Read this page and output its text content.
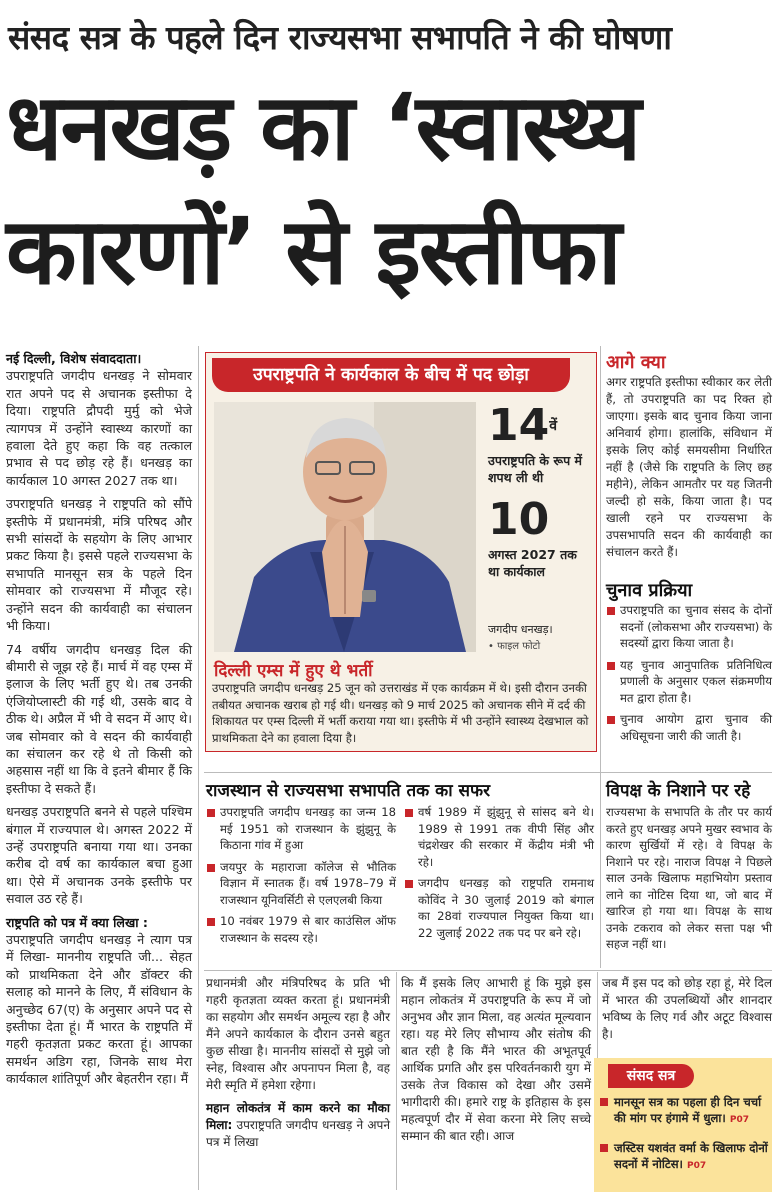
संसद सत्र के पहले दिन राज्यसभा सभापति ने की घोषणा
धनखड़ का ‘स्वास्थ्य
कारणों’ से इस्तीफा

नई दिल्ली, विशेष संवाददाता।

उपराष्ट्रपति जगदीप धनखड़ ने सोमवार रात अपने पद से अचानक इस्तीफा दे दिया। राष्ट्रपति द्रौपदी मुर्मु को भेजे त्यागपत्र में उन्होंने स्वास्थ्य कारणों का हवाला देते हुए कहा कि वह तत्काल प्रभाव से पद छोड़ रहे हैं। धनखड़ का कार्यकाल 10 अगस्त 2027 तक था।

उपराष्ट्रपति धनखड़ ने राष्ट्रपति को सौंपे इस्तीफे में प्रधानमंत्री, मंत्रि परिषद और सभी सांसदों के सहयोग के लिए आभार प्रकट किया है। इससे पहले राज्यसभा के सभापति मानसून सत्र के पहले दिन सोमवार को राज्यसभा में मौजूद रहे। उन्होंने सदन की कार्यवाही का संचालन भी किया।

74 वर्षीय जगदीप धनखड़ दिल की बीमारी से जूझ रहे हैं। मार्च में वह एम्स में इलाज के लिए भर्ती हुए थे। तब उनकी एंजियोप्लास्टी की गई थी, उसके बाद वे ठीक थे। अप्रैल में भी वे सदन में आए थे। जब सोमवार को वे सदन की कार्यवाही का संचालन कर रहे थे तो किसी को अहसास नहीं था कि वे इतने बीमार हैं कि इस्तीफा दे सकते हैं।

धनखड़ उपराष्ट्रपति बनने से पहले पश्चिम बंगाल में राज्यपाल थे। अगस्त 2022 में उन्हें उपराष्ट्रपति बनाया गया था। उनका करीब दो वर्ष का कार्यकाल बचा हुआ था। ऐसे में अचानक उनके इस्तीफे पर सवाल उठ रहे हैं।

राष्ट्रपति को पत्र में क्या लिखा :

उपराष्ट्रपति जगदीप धनखड़ ने त्याग पत्र में लिखा- माननीय राष्ट्रपति जी... सेहत को प्राथमिकता देने और डॉक्टर की सलाह को मानने के लिए, मैं संविधान के अनुच्छेद 67(ए) के अनुसार अपने पद से इस्तीफा देता हूं। मैं भारत के राष्ट्रपति में गहरी कृतज्ञता प्रकट करता हूं। आपका समर्थन अडिग रहा, जिनके साथ मेरा कार्यकाल शांतिपूर्ण और बेहतरीन रहा। मैं

उपराष्ट्रपति ने कार्यकाल के बीच में पद छोड़ा
$14^{वें}$
उपराष्ट्रपति के रूप में शपथ ली थी
10
अगस्त 2027 तक था कार्यकाल
जगदीप धनखड़।
• फाइल फोटो
दिल्ली एम्स में हुए थे भर्ती
उपराष्ट्रपति जगदीप धनखड़ 25 जून को उत्तराखंड में एक कार्यक्रम में थे। इसी दौरान उनकी तबीयत अचानक खराब हो गई थी। धनखड़ को 9 मार्च 2025 को अचानक सीने में दर्द की शिकायत पर एम्स दिल्ली में भर्ती कराया गया था। इस्तीफे में भी उन्होंने स्वास्थ्य देखभाल को प्राथमिकता देने का हवाला दिया है।
आगे क्या
अगर राष्ट्रपति इस्तीफा स्वीकार कर लेती हैं, तो उपराष्ट्रपति का पद रिक्त हो जाएगा। इसके बाद चुनाव किया जाना अनिवार्य होगा। हालांकि, संविधान में इसके लिए कोई समयसीमा निर्धारित नहीं है (जैसे कि राष्ट्रपति के लिए छह महीने), लेकिन आमतौर पर यह जितनी जल्दी हो सके, किया जाता है। पद खाली रहने पर राज्यसभा के उपसभापति सदन की कार्यवाही का संचालन करते हैं।
चुनाव प्रक्रिया
उपराष्ट्रपति का चुनाव संसद के दोनों सदनों (लोकसभा और राज्यसभा) के सदस्यों द्वारा किया जाता है।
यह चुनाव आनुपातिक प्रतिनिधित्व प्रणाली के अनुसार एकल संक्रमणीय मत द्वारा होता है।
चुनाव आयोग द्वारा चुनाव की अधिसूचना जारी की जाती है।
राजस्थान से राज्यसभा सभापति तक का सफर
उपराष्ट्रपति जगदीप धनखड़ का जन्म 18 मई 1951 को राजस्थान के झुंझुनू के किठाना गांव में हुआ
जयपुर के महाराजा कॉलेज से भौतिक विज्ञान में स्नातक हैं। वर्ष 1978–79 में राजस्थान यूनिवर्सिटी से एलएलबी किया
10 नवंबर 1979 से बार काउंसिल ऑफ राजस्थान के सदस्य रहे।
वर्ष 1989 में झुंझुनू से सांसद बने थे। 1989 से 1991 तक वीपी सिंह और चंद्रशेखर की सरकार में केंद्रीय मंत्री भी रहे।
जगदीप धनखड़ को राष्ट्रपति रामनाथ कोविंद ने 30 जुलाई 2019 को बंगाल का 28वां राज्यपाल नियुक्त किया था। 22 जुलाई 2022 तक पद पर बने रहे।
विपक्ष के निशाने पर रहे
राज्यसभा के सभापति के तौर पर कार्य करते हुए धनखड़ अपने मुखर स्वभाव के कारण सुर्खियों में रहे। वे विपक्ष के निशाने पर रहे। नाराज विपक्ष ने पिछले साल उनके खिलाफ महाभियोग प्रस्ताव लाने का नोटिस दिया था, जो बाद में खारिज हो गया था। विपक्ष के साथ उनके टकराव को लेकर सत्ता पक्ष भी सहज नहीं था।

प्रधानमंत्री और मंत्रिपरिषद के प्रति भी गहरी कृतज्ञता व्यक्त करता हूं। प्रधानमंत्री का सहयोग और समर्थन अमूल्य रहा है और मैंने अपने कार्यकाल के दौरान उनसे बहुत कुछ सीखा है। माननीय सांसदों से मुझे जो स्नेह, विश्वास और अपनापन मिला है, वह मेरी स्मृति में हमेशा रहेगा।

महान लोकतंत्र में काम करने का मौका मिला: उपराष्ट्रपति जगदीप धनखड़ ने अपने पत्र में लिखा

कि मैं इसके लिए आभारी हूं कि मुझे इस महान लोकतंत्र में उपराष्ट्रपति के रूप में जो अनुभव और ज्ञान मिला, वह अत्यंत मूल्यवान रहा। यह मेरे लिए सौभाग्य और संतोष की बात रही है कि मैंने भारत की अभूतपूर्व आर्थिक प्रगति और इस परिवर्तनकारी युग में उसके तेज विकास को देखा और उसमें भागीदारी की। हमारे राष्ट्र के इतिहास के इस महत्वपूर्ण दौर में सेवा करना मेरे लिए सच्चे सम्मान की बात रही। आज

जब मैं इस पद को छोड़ रहा हूं, मेरे दिल में भारत की उपलब्धियों और शानदार भविष्य के लिए गर्व और अटूट विश्वास है।

संसद सत्र
मानसून सत्र का पहला ही दिन चर्चा की मांग पर हंगामे में धुला। P07
जस्टिस यशवंत वर्मा के खिलाफ दोनों सदनों में नोटिस। P07
